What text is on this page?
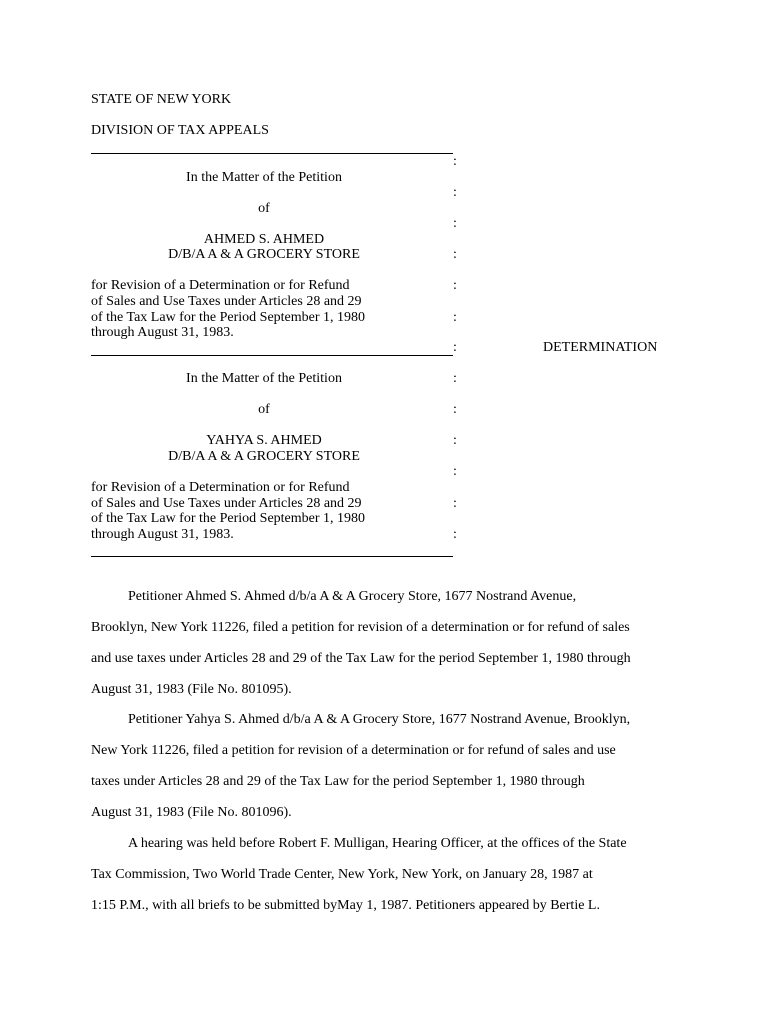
STATE OF NEW YORK
DIVISION OF TAX APPEALS
In the Matter of the Petition
of
AHMED S. AHMED
D/B/A A & A GROCERY STORE
for Revision of a Determination or for Refund
of Sales and Use Taxes under Articles 28 and 29
of the Tax Law for the Period September 1, 1980
through August 31, 1983.
In the Matter of the Petition
of
YAHYA S. AHMED
D/B/A A & A GROCERY STORE
for Revision of a Determination or for Refund
of Sales and Use Taxes under Articles 28 and 29
of the Tax Law for the Period September 1, 1980
through August 31, 1983.
:
:
:
:
:
:
:
:
:
:
:
:
:
DETERMINATION
Petitioner Ahmed S. Ahmed d/b/a A & A Grocery Store, 1677 Nostrand Avenue,
Brooklyn, New York 11226, filed a petition for revision of a determination or for refund of sales
and use taxes under Articles 28 and 29 of the Tax Law for the period September 1, 1980 through
August 31, 1983 (File No. 801095).
Petitioner Yahya S. Ahmed d/b/a A & A Grocery Store, 1677 Nostrand Avenue, Brooklyn,
New York 11226, filed a petition for revision of a determination or for refund of sales and use
taxes under Articles 28 and 29 of the Tax Law for the period September 1, 1980 through
August 31, 1983 (File No. 801096).
A hearing was held before Robert F. Mulligan, Hearing Officer, at the offices of the State
Tax Commission, Two World Trade Center, New York, New York, on January 28, 1987 at
1:15 P.M., with all briefs to be submitted byMay 1, 1987. Petitioners appeared by Bertie L.
